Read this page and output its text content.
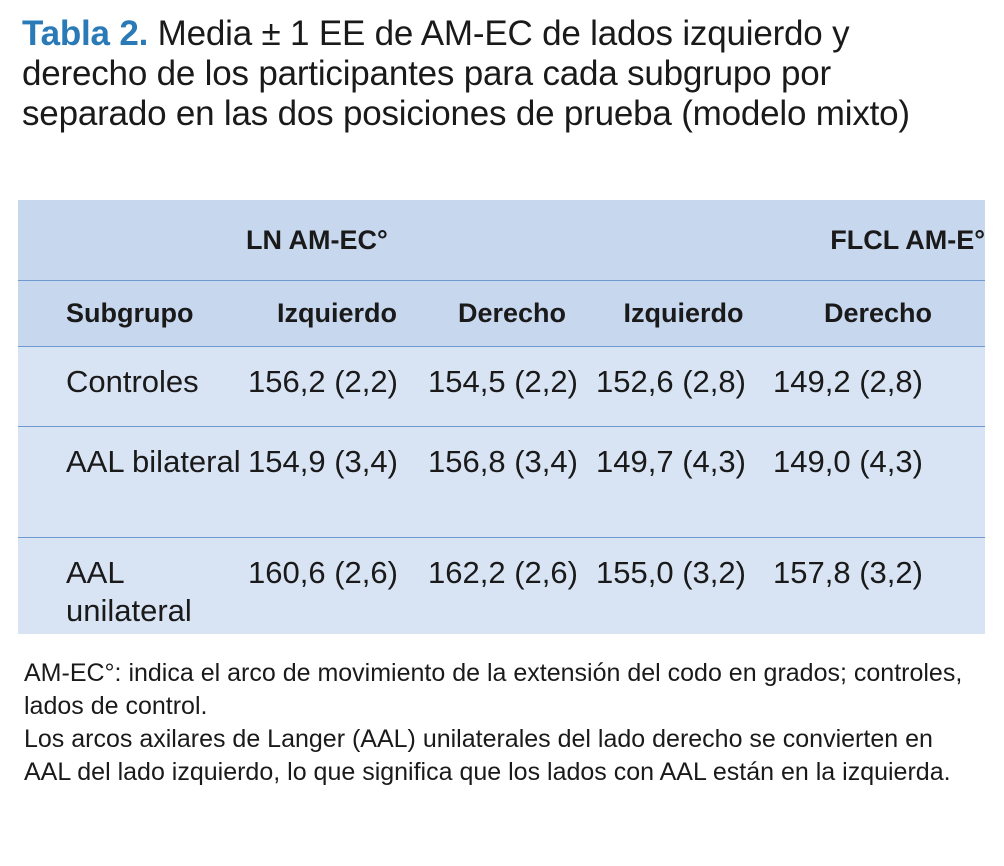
Tabla 2. Media ± 1 EE de AM-EC de lados izquierdo y derecho de los participantes para cada subgrupo por separado en las dos posiciones de prueba (modelo mixto)
	LN AM-EC°		FLCL AM-E°	
Subgrupo	Izquierdo	Derecho	Izquierdo	Derecho
Controles	156,2 (2,2)	154,5 (2,2)	152,6 (2,8)	149,2 (2,8)
AAL bilateral	154,9 (3,4)	156,8 (3,4)	149,7 (4,3)	149,0 (4,3)
AAL unilateral	160,6 (2,6)	162,2 (2,6)	155,0 (3,2)	157,8 (3,2)

AM-EC°: indica el arco de movimiento de la extensión del codo en grados; controles, lados de control.

Los arcos axilares de Langer (AAL) unilaterales del lado derecho se convierten en AAL del lado izquierdo, lo que significa que los lados con AAL están en la izquierda.
